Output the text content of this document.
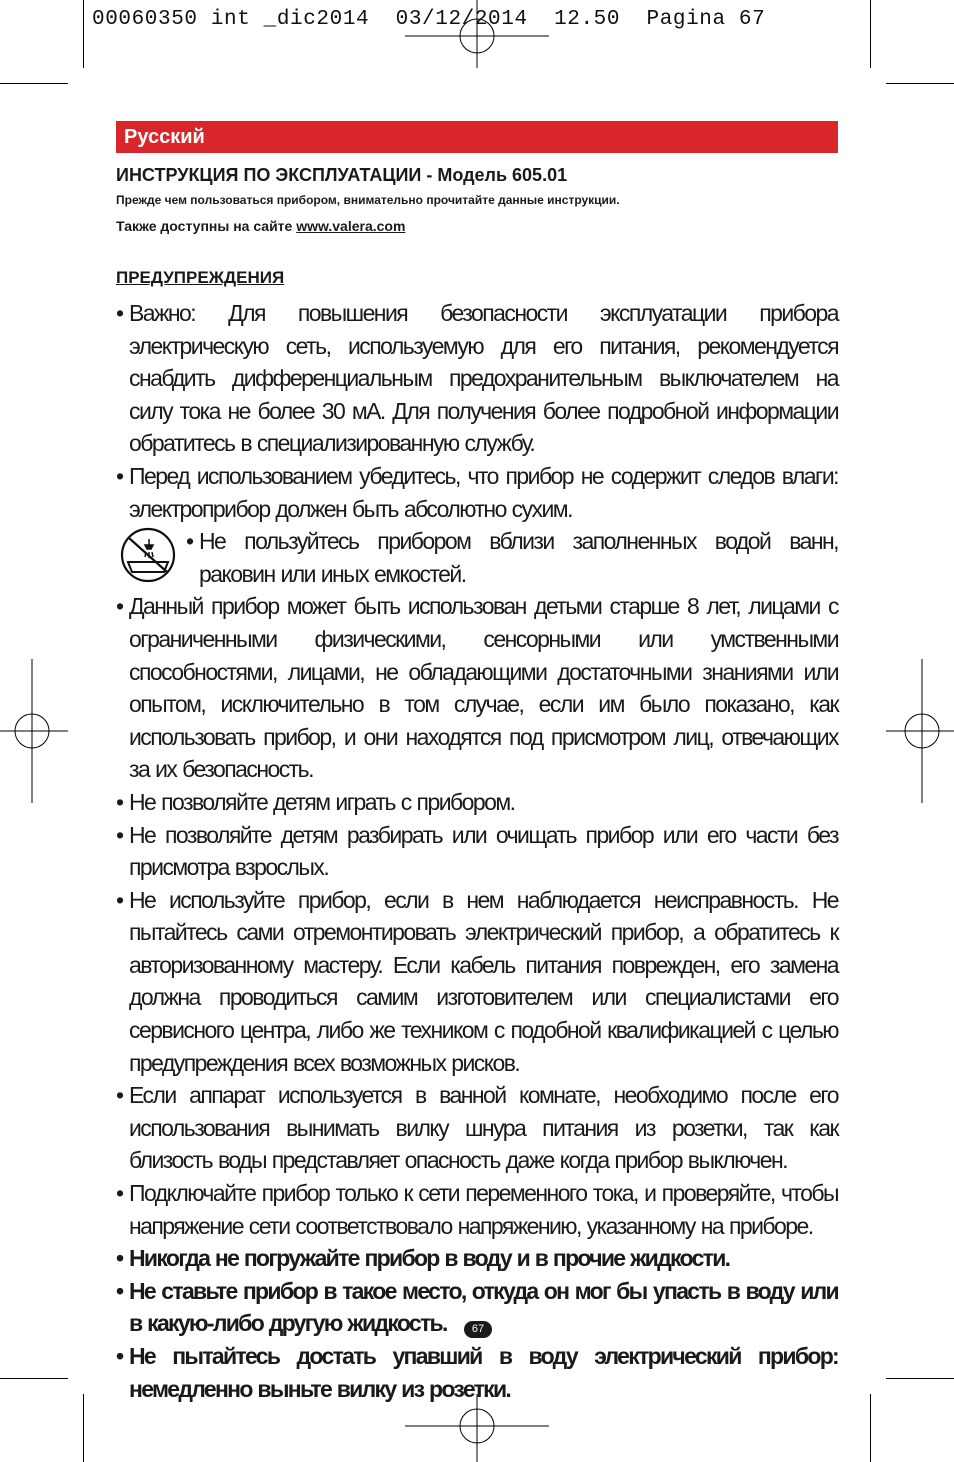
00060350 int _dic2014  03/12/2014  12.50  Pagina 67
Русский
ИНСТРУКЦИЯ ПО ЭКСПЛУАТАЦИИ - Модель 605.01
Прежде чем пользоваться прибором, внимательно прочитайте данные инструкции.
Также доступны на сайте www.valera.com
ПРЕДУПРЕЖДЕНИЯ
• Важно: Для повышения безопасности эксплуатации прибора электрическую сеть, используемую для его питания, рекомендуется снабдить дифференциальным предохранительным выключателем на силу тока не более 30 мА. Для получения более подробной информации обратитесь в специализированную службу.
• Перед использованием убедитесь, что прибор не содержит следов влаги: электроприбор должен быть абсолютно сухим.
• Не пользуйтесь прибором вблизи заполненных водой ванн, раковин или иных емкостей.
• Данный прибор может быть использован детьми старше 8 лет, лицами с ограниченными физическими, сенсорными или умственными способностями, лицами, не обладающими достаточными знаниями или опытом, исключительно в том случае, если им было показано, как использовать прибор, и они находятся под присмотром лиц, отвечающих за их безопасность.
• Не позволяйте детям играть с прибором.
• Не позволяйте детям разбирать или очищать прибор или его части без присмотра взрослых.
• Не используйте прибор, если в нем наблюдается неисправность. Не пытайтесь сами отремонтировать электрический прибор, а обратитесь к авторизованному мастеру. Если кабель питания поврежден, его замена должна проводиться самим изготовителем или специалистами его сервисного центра, либо же техником с подобной квалификацией с целью предупреждения всех возможных рисков.
• Если аппарат используется в ванной комнате, необходимо после его использования вынимать вилку шнура питания из розетки, так как близость воды представляет опасность даже когда прибор выключен.
• Подключайте прибор только к сети переменного тока, и проверяйте, чтобы напряжение сети соответствовало напряжению, указанному на приборе.
• Никогда не погружайте прибор в воду и в прочие жидкости.
• Не ставьте прибор в такое место, откуда он мог бы упасть в воду или в какую-либо другую жидкость.
• Не пытайтесь достать упавший в воду электрический прибор: немедленно выньте вилку из розетки.
67
